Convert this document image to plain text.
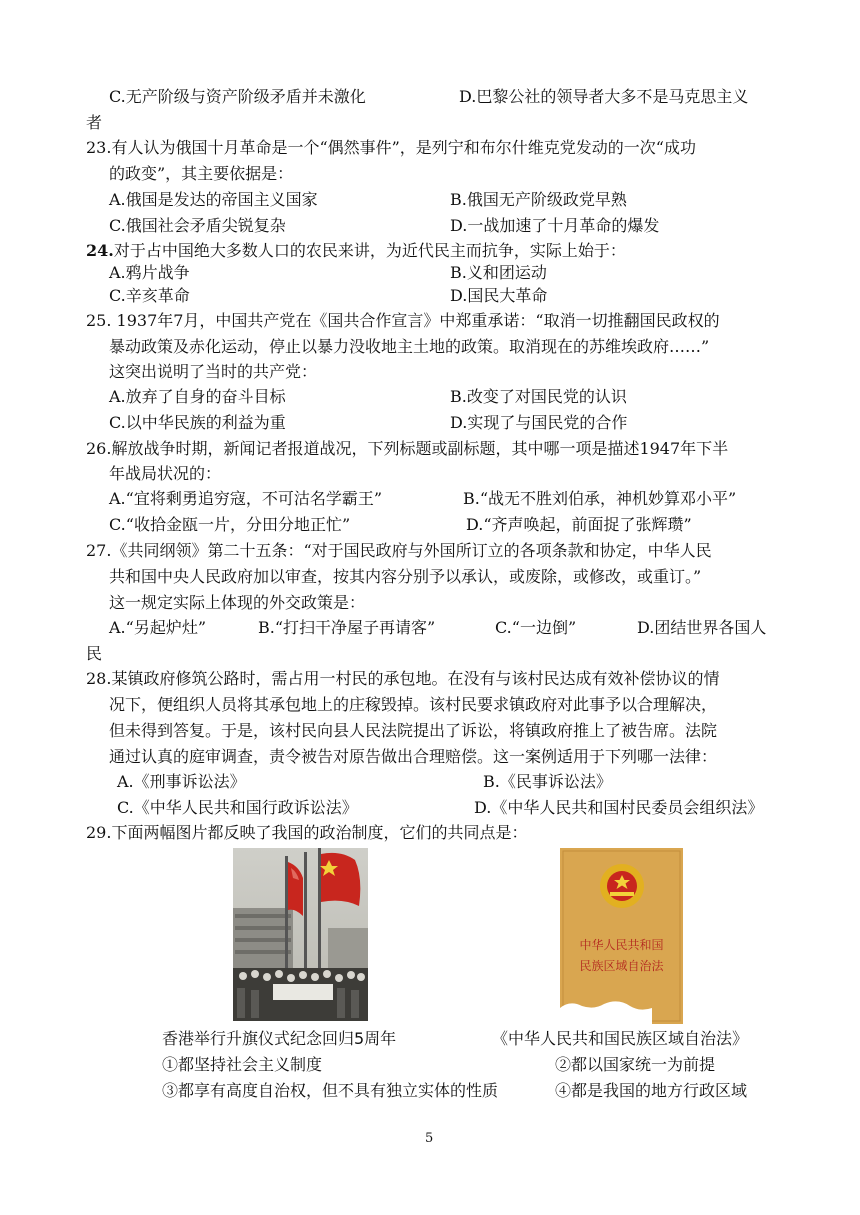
C.无产阶级与资产阶级矛盾并未激化	D.巴黎公社的领导者大多不是马克思主义
者
23.有人认为俄国十月革命是一个“偶然事件”，是列宁和布尔什维克党发动的一次“成功
的政变”，其主要依据是：
A.俄国是发达的帝国主义国家	B.俄国无产阶级政党早熟
C.俄国社会矛盾尖锐复杂	D.一战加速了十月革命的爆发
24.对于占中国绝大多数人口的农民来讲，为近代民主而抗争，实际上始于：
A.鸦片战争	B.义和团运动
C.辛亥革命	D.国民大革命
25. 1937年7月，中国共产党在《国共合作宣言》中郑重承诺：“取消一切推翻国民政权的
暴动政策及赤化运动，停止以暴力没收地主土地的政策。取消现在的苏维埃政府……”
这突出说明了当时的共产党：
A.放弃了自身的奋斗目标	B.改变了对国民党的认识
C.以中华民族的利益为重	D.实现了与国民党的合作
26.解放战争时期，新闻记者报道战况，下列标题或副标题，其中哪一项是描述1947年下半
年战局状况的：
A.“宜将剩勇追穷寇，不可沽名学霸王”	B.“战无不胜刘伯承，神机妙算邓小平”
C.“收拾金瓯一片，分田分地正忙”	D.“齐声唤起，前面捉了张辉瓒”
27.《共同纲领》第二十五条：“对于国民政府与外国所订立的各项条款和协定，中华人民
共和国中央人民政府加以审查，按其内容分别予以承认，或废除，或修改，或重订。”
这一规定实际上体现的外交政策是：
A.“另起炉灶”	B.“打扫干净屋子再请客”	C.“一边倒”	D.团结世界各国人
民
28.某镇政府修筑公路时，需占用一村民的承包地。在没有与该村民达成有效补偿协议的情
况下，便组织人员将其承包地上的庄稼毁掉。该村民要求镇政府对此事予以合理解决，
但未得到答复。于是，该村民向县人民法院提出了诉讼，将镇政府推上了被告席。法院
通过认真的庭审调查，责令被告对原告做出合理赔偿。这一案例适用于下列哪一法律：
A.《刑事诉讼法》	B.《民事诉讼法》
C.《中华人民共和国行政诉讼法》	D.《中华人民共和国村民委员会组织法》
29.下面两幅图片都反映了我国的政治制度，它们的共同点是：
中华人民共和国
民族区域自治法
香港举行升旗仪式纪念回归5周年	《中华人民共和国民族区域自治法》
①都坚持社会主义制度	②都以国家统一为前提
③都享有高度自治权，但不具有独立实体的性质	④都是我国的地方行政区域
5
